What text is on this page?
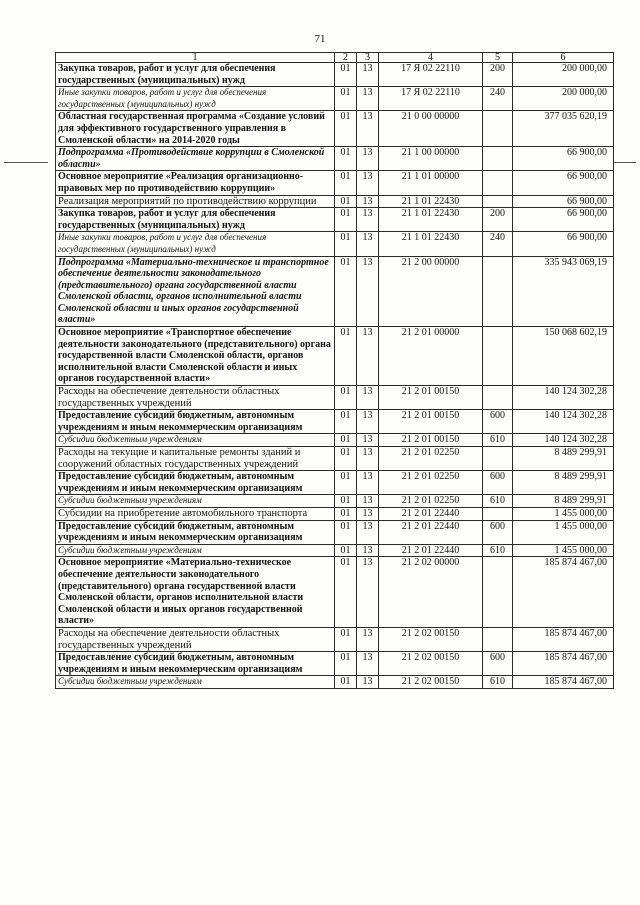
71
1	2	3	4	5	6
Закупка товаров, работ и услуг для обеспечения государственных (муниципальных) нужд	01	13	17 Я 02 22110	200	200 000,00
Иные закупки товаров, работ и услуг для обеспечения государственных (муниципальных) нужд	01	13	17 Я 02 22110	240	200 000,00
Областная государственная программа «Создание условий для эффективного государственного управления в Смоленской области» на 2014-2020 годы	01	13	21 0 00 00000		377 035 620,19
Подпрограмма «Противодействие коррупции в Смоленской области»	01	13	21 1 00 00000		66 900,00
Основное мероприятие «Реализация организационно-правовых мер по противодействию коррупции»	01	13	21 1 01 00000		66 900,00
Реализация мероприятий по противодействию коррупции	01	13	21 1 01 22430		66 900,00
Закупка товаров, работ и услуг для обеспечения государственных (муниципальных) нужд	01	13	21 1 01 22430	200	66 900,00
Иные закупки товаров, работ и услуг для обеспечения государственных (муниципальных) нужд	01	13	21 1 01 22430	240	66 900,00
Подпрограмма «Материально-техническое и транспортное обеспечение деятельности законодательного (представительного) органа государственной власти Смоленской области, органов исполнительной власти Смоленской области и иных органов государственной власти»	01	13	21 2 00 00000		335 943 069,19
Основное мероприятие «Транспортное обеспечение деятельности законодательного (представительного) органа государственной власти Смоленской области, органов исполнительной власти Смоленской области и иных органов государственной власти»	01	13	21 2 01 00000		150 068 602,19
Расходы на обеспечение деятельности областных государственных учреждений	01	13	21 2 01 00150		140 124 302,28
Предоставление субсидий бюджетным, автономным учреждениям и иным некоммерческим организациям	01	13	21 2 01 00150	600	140 124 302,28
Субсидии бюджетным учреждениям	01	13	21 2 01 00150	610	140 124 302,28
Расходы на текущие и капитальные ремонты зданий и сооружений областных государственных учреждений	01	13	21 2 01 02250		8 489 299,91
Предоставление субсидий бюджетным, автономным учреждениям и иным некоммерческим организациям	01	13	21 2 01 02250	600	8 489 299,91
Субсидии бюджетным учреждениям	01	13	21 2 01 02250	610	8 489 299,91
Субсидии на приобретение автомобильного транспорта	01	13	21 2 01 22440		1 455 000,00
Предоставление субсидий бюджетным, автономным учреждениям и иным некоммерческим организациям	01	13	21 2 01 22440	600	1 455 000,00
Субсидии бюджетным учреждениям	01	13	21 2 01 22440	610	1 455 000,00
Основное мероприятие «Материально-техническое обеспечение деятельности законодательного (представительного) органа государственной власти Смоленской области, органов исполнительной власти Смоленской области и иных органов государственной власти»	01	13	21 2 02 00000		185 874 467,00
Расходы на обеспечение деятельности областных государственных учреждений	01	13	21 2 02 00150		185 874 467,00
Предоставление субсидий бюджетным, автономным учреждениям и иным некоммерческим организациям	01	13	21 2 02 00150	600	185 874 467,00
Субсидии бюджетным учреждениям	01	13	21 2 02 00150	610	185 874 467,00
